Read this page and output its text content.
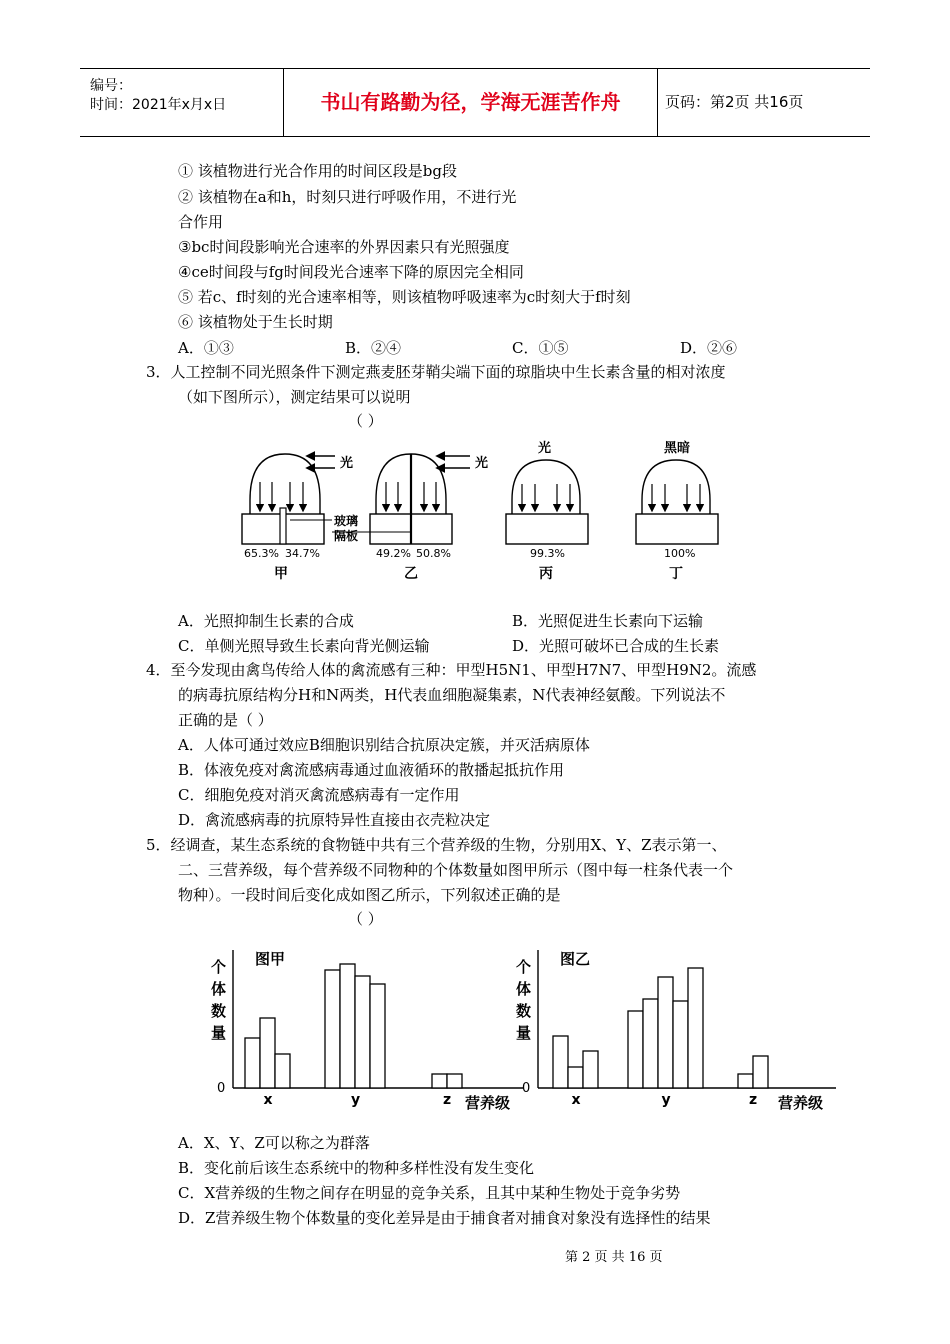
编号：
时间：2021年x月x日	书山有路勤为径，学海无涯苦作舟	页码：第2页 共16页
① 该植物进行光合作用的时间区段是bg段
② 该植物在a和h，时刻只进行呼吸作用，不进行光
合作用
③bc时间段影响光合速率的外界因素只有光照强度
④ce时间段与fg时间段光合速率下降的原因完全相同
⑤ 若c、f时刻的光合速率相等，则该植物呼吸速率为c时刻大于f时刻
⑥ 该植物处于生长时期
A．①③	B．②④	C．①⑤	D．②⑥
3．人工控制不同光照条件下测定燕麦胚芽鞘尖端下面的琼脂块中生长素含量的相对浓度
（如下图所示），测定结果可以说明
（ ）
光
65.3% 34.7%
甲
玻璃
隔板
光
49.2% 50.8%
乙
光
99.3%
丙
黑暗
100%
丁
A．光照抑制生长素的合成	B．光照促进生长素向下运输
C．单侧光照导致生长素向背光侧运输	D．光照可破坏已合成的生长素
4．至今发现由禽鸟传给人体的禽流感有三种：甲型H5N1、甲型H7N7、甲型H9N2。流感
的病毒抗原结构分H和N两类，H代表血细胞凝集素，N代表神经氨酸。下列说法不
正确的是（ ）
A．人体可通过效应B细胞识别结合抗原决定簇，并灭活病原体
B．体液免疫对禽流感病毒通过血液循环的散播起抵抗作用
C．细胞免疫对消灭禽流感病毒有一定作用
D．禽流感病毒的抗原特异性直接由衣壳粒决定
5．经调查，某生态系统的食物链中共有三个营养级的生物，分别用X、Y、Z表示第一、
二、三营养级，每个营养级不同物种的个体数量如图甲所示（图中每一柱条代表一个
物种）。一段时间后变化成如图乙所示，下列叙述正确的是
（ ）
图甲
个
体
数
量
0
x	y	z 营养级
图乙
个
体
数
量
0
x	y	z 营养级
A．X、Y、Z可以称之为群落
B．变化前后该生态系统中的物种多样性没有发生变化
C．X营养级的生物之间存在明显的竞争关系，且其中某种生物处于竞争劣势
D．Z营养级生物个体数量的变化差异是由于捕食者对捕食对象没有选择性的结果
第 2 页 共 16 页
